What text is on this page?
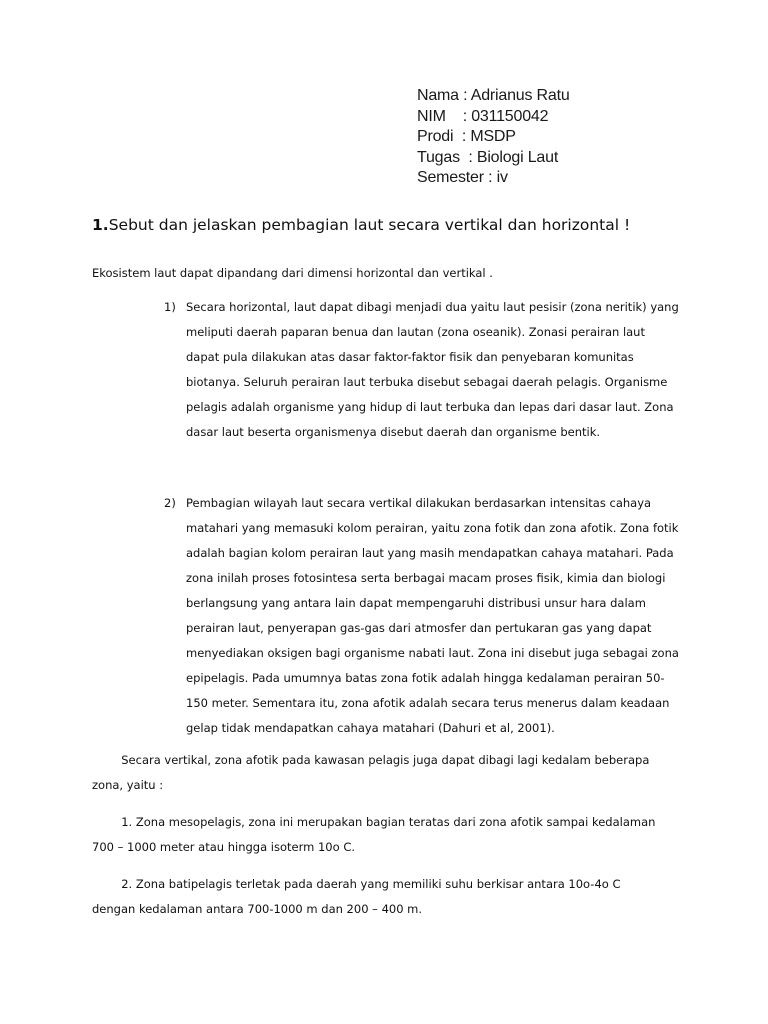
Nama : Adrianus Ratu
NIM    : 031150042
Prodi  : MSDP
Tugas  : Biologi Laut
Semester : iv
1.Sebut dan jelaskan pembagian laut secara vertikal dan horizontal !

Ekosistem laut dapat dipandang dari dimensi horizontal dan vertikal .

1) Secara horizontal, laut dapat dibagi menjadi dua yaitu laut pesisir (zona neritik) yang
meliputi daerah paparan benua dan lautan (zona oseanik). Zonasi perairan laut
dapat pula dilakukan atas dasar faktor-faktor fisik dan penyebaran komunitas
biotanya. Seluruh perairan laut terbuka disebut sebagai daerah pelagis. Organisme
pelagis adalah organisme yang hidup di laut terbuka dan lepas dari dasar laut. Zona
dasar laut beserta organismenya disebut daerah dan organisme bentik.
2) Pembagian wilayah laut secara vertikal dilakukan berdasarkan intensitas cahaya
matahari yang memasuki kolom perairan, yaitu zona fotik dan zona afotik. Zona fotik
adalah bagian kolom perairan laut yang masih mendapatkan cahaya matahari. Pada
zona inilah proses fotosintesa serta berbagai macam proses fisik, kimia dan biologi
berlangsung yang antara lain dapat mempengaruhi distribusi unsur hara dalam
perairan laut, penyerapan gas-gas dari atmosfer dan pertukaran gas yang dapat
menyediakan oksigen bagi organisme nabati laut. Zona ini disebut juga sebagai zona
epipelagis. Pada umumnya batas zona fotik adalah hingga kedalaman perairan 50-
150 meter. Sementara itu, zona afotik adalah secara terus menerus dalam keadaan
gelap tidak mendapatkan cahaya matahari (Dahuri et al, 2001).
Secara vertikal, zona afotik pada kawasan pelagis juga dapat dibagi lagi kedalam beberapa
zona, yaitu :
1. Zona mesopelagis, zona ini merupakan bagian teratas dari zona afotik sampai kedalaman
700 – 1000 meter atau hingga isoterm 10o C.
2. Zona batipelagis terletak pada daerah yang memiliki suhu berkisar antara 10o-4o C
dengan kedalaman antara 700-1000 m dan 200 – 400 m.
